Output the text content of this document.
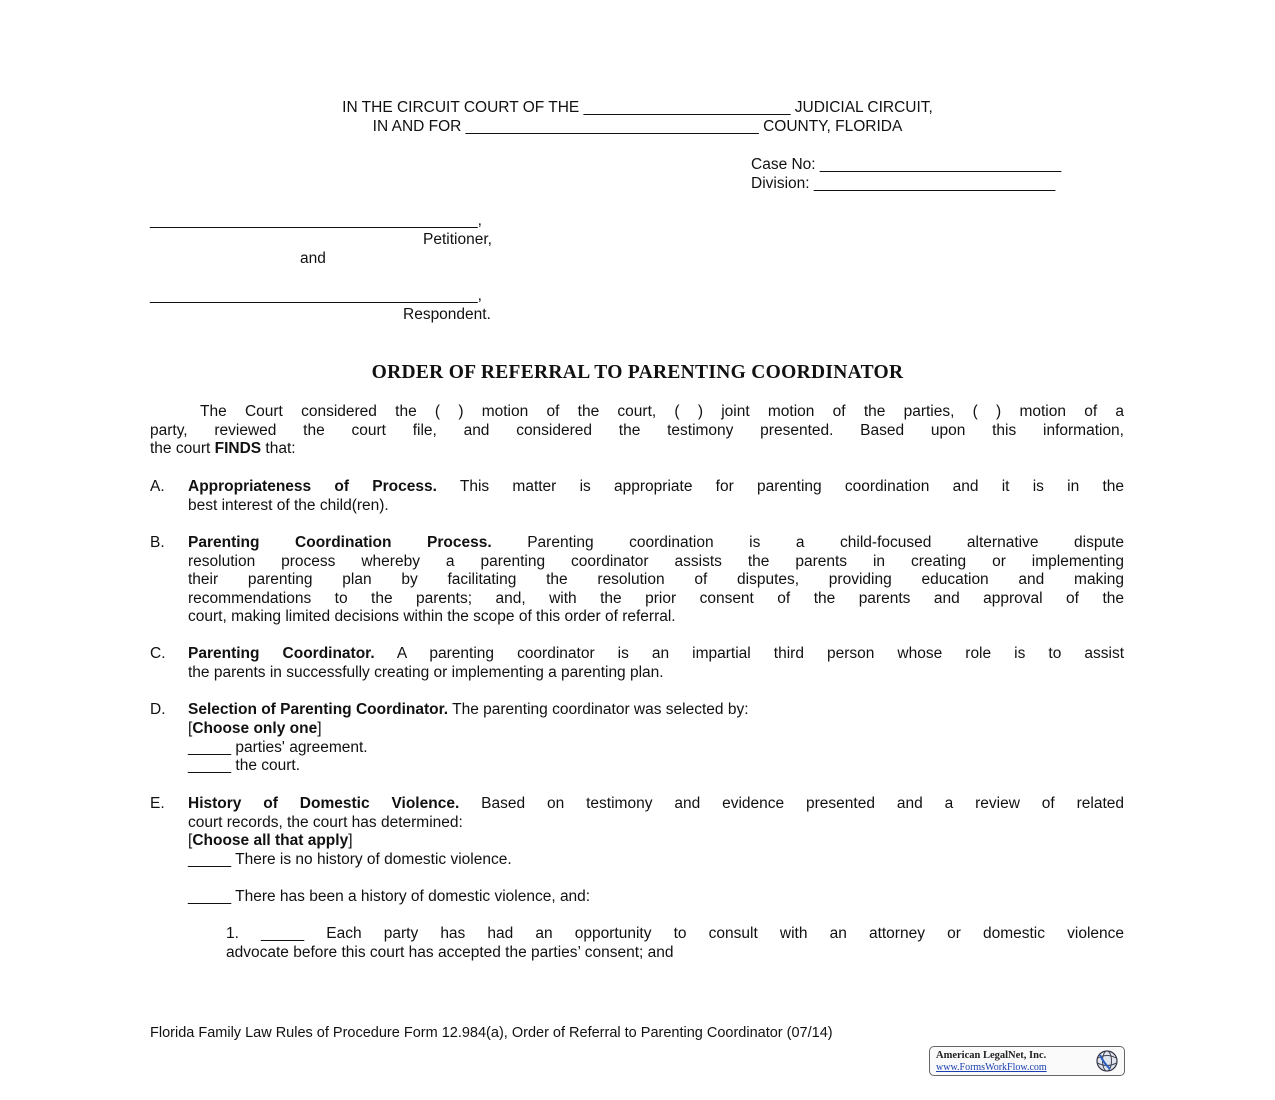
IN THE CIRCUIT COURT OF THE ________________________ JUDICIAL CIRCUIT,
IN AND FOR __________________________________ COUNTY, FLORIDA
Case No: ____________________________
Division: ____________________________
______________________________________,
Petitioner,
and
______________________________________,
Respondent.
ORDER OF REFERRAL TO PARENTING COORDINATOR
The Court considered the ( ) motion of the court, ( ) joint motion of the parties, ( ) motion of a
party, reviewed the court file, and considered the testimony presented. Based upon this information,
the court FINDS that:
A. Appropriateness of Process. This matter is appropriate for parenting coordination and it is in the
best interest of the child(ren).
B. Parenting Coordination Process. Parenting coordination is a child-focused alternative dispute
resolution process whereby a parenting coordinator assists the parents in creating or implementing
their parenting plan by facilitating the resolution of disputes, providing education and making
recommendations to the parents; and, with the prior consent of the parents and approval of the
court, making limited decisions within the scope of this order of referral.
C. Parenting Coordinator. A parenting coordinator is an impartial third person whose role is to assist
the parents in successfully creating or implementing a parenting plan.
D. Selection of Parenting Coordinator. The parenting coordinator was selected by:
[Choose only one]
_____ parties' agreement.
_____ the court.
E. History of Domestic Violence. Based on testimony and evidence presented and a review of related
court records, the court has determined:
[Choose all that apply]
_____ There is no history of domestic violence.
_____ There has been a history of domestic violence, and:
1. _____ Each party has had an opportunity to consult with an attorney or domestic violence
advocate before this court has accepted the parties’ consent; and
Florida Family Law Rules of Procedure Form 12.984(a), Order of Referral to Parenting Coordinator (07/14)
American LegalNet, Inc.
www.FormsWorkFlow.com
